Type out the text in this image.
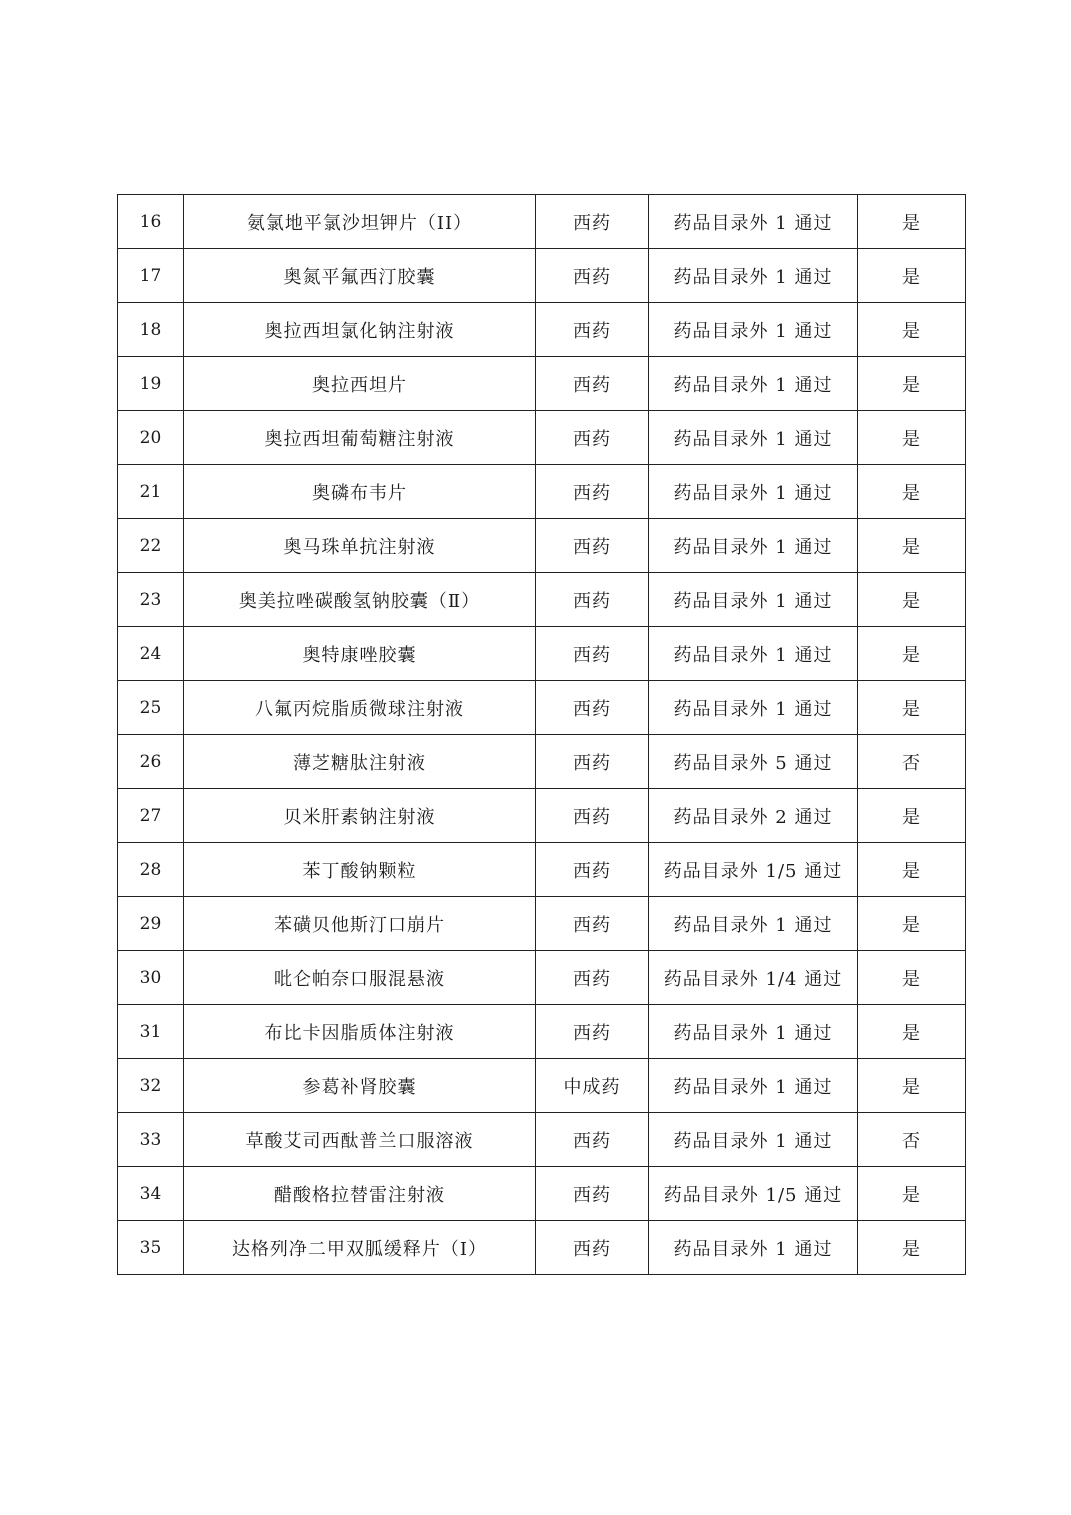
16	氨氯地平氯沙坦钾片（II）	西药	药品目录外 1 通过	是
17	奥氮平氟西汀胶囊	西药	药品目录外 1 通过	是
18	奥拉西坦氯化钠注射液	西药	药品目录外 1 通过	是
19	奥拉西坦片	西药	药品目录外 1 通过	是
20	奥拉西坦葡萄糖注射液	西药	药品目录外 1 通过	是
21	奥磷布韦片	西药	药品目录外 1 通过	是
22	奥马珠单抗注射液	西药	药品目录外 1 通过	是
23	奥美拉唑碳酸氢钠胶囊（Ⅱ）	西药	药品目录外 1 通过	是
24	奥特康唑胶囊	西药	药品目录外 1 通过	是
25	八氟丙烷脂质微球注射液	西药	药品目录外 1 通过	是
26	薄芝糖肽注射液	西药	药品目录外 5 通过	否
27	贝米肝素钠注射液	西药	药品目录外 2 通过	是
28	苯丁酸钠颗粒	西药	药品目录外 1/5 通过	是
29	苯磺贝他斯汀口崩片	西药	药品目录外 1 通过	是
30	吡仑帕奈口服混悬液	西药	药品目录外 1/4 通过	是
31	布比卡因脂质体注射液	西药	药品目录外 1 通过	是
32	参葛补肾胶囊	中成药	药品目录外 1 通过	是
33	草酸艾司西酞普兰口服溶液	西药	药品目录外 1 通过	否
34	醋酸格拉替雷注射液	西药	药品目录外 1/5 通过	是
35	达格列净二甲双胍缓释片（Ⅰ）	西药	药品目录外 1 通过	是
